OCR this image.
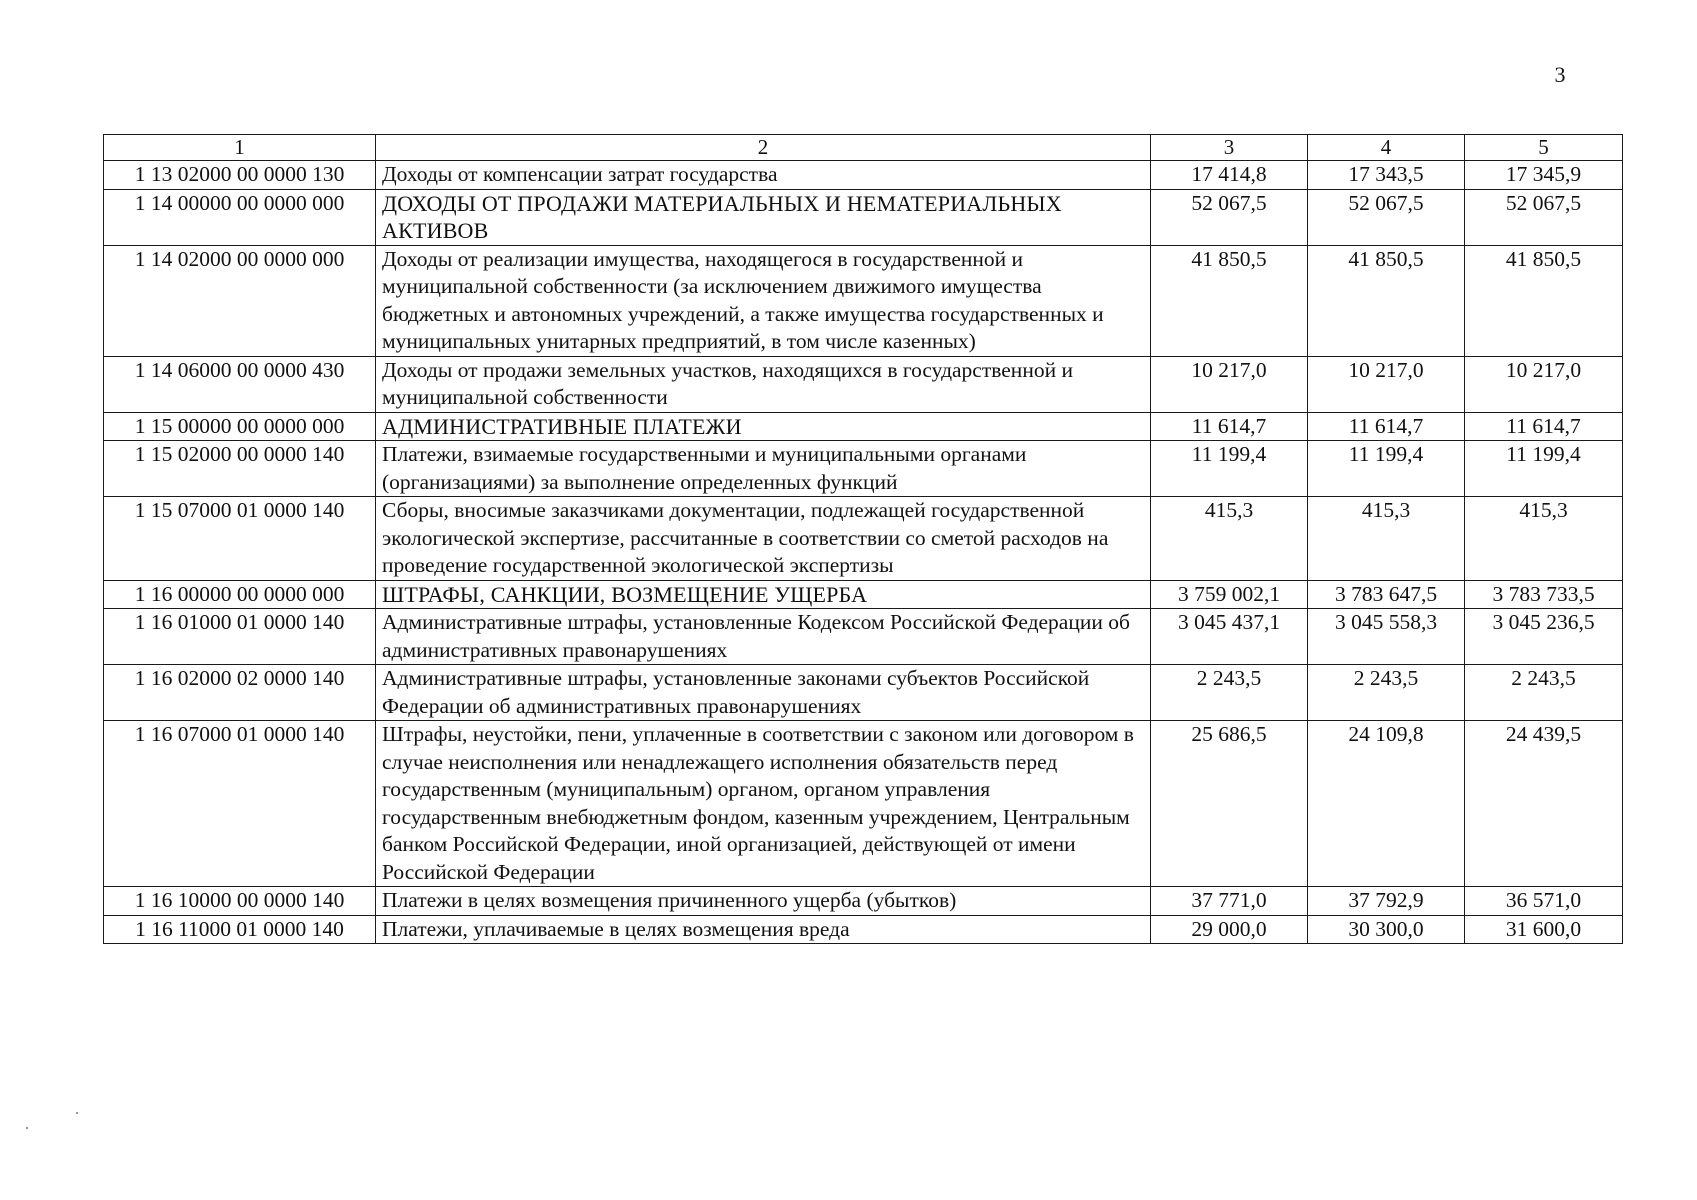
3
1	2	3	4	5
1 13 02000 00 0000 130	Доходы от компенсации затрат государства	17 414,8	17 343,5	17 345,9
1 14 00000 00 0000 000	ДОХОДЫ ОТ ПРОДАЖИ МАТЕРИАЛЬНЫХ И НЕМАТЕРИАЛЬНЫХ АКТИВОВ	52 067,5	52 067,5	52 067,5
1 14 02000 00 0000 000	Доходы от реализации имущества, находящегося в государственной и муниципальной собственности (за исключением движимого имущества бюджетных и автономных учреждений, а также имущества государственных и муниципальных унитарных предприятий, в том числе казенных)	41 850,5	41 850,5	41 850,5
1 14 06000 00 0000 430	Доходы от продажи земельных участков, находящихся в государственной и муниципальной собственности	10 217,0	10 217,0	10 217,0
1 15 00000 00 0000 000	АДМИНИСТРАТИВНЫЕ ПЛАТЕЖИ	11 614,7	11 614,7	11 614,7
1 15 02000 00 0000 140	Платежи, взимаемые государственными и муниципальными органами (организациями) за выполнение определенных функций	11 199,4	11 199,4	11 199,4
1 15 07000 01 0000 140	Сборы, вносимые заказчиками документации, подлежащей государственной экологической экспертизе, рассчитанные в соответствии со сметой расходов на проведение государственной экологической экспертизы	415,3	415,3	415,3
1 16 00000 00 0000 000	ШТРАФЫ, САНКЦИИ, ВОЗМЕЩЕНИЕ УЩЕРБА	3 759 002,1	3 783 647,5	3 783 733,5
1 16 01000 01 0000 140	Административные штрафы, установленные Кодексом Российской Федерации об административных правонарушениях	3 045 437,1	3 045 558,3	3 045 236,5
1 16 02000 02 0000 140	Административные штрафы, установленные законами субъектов Российской Федерации об административных правонарушениях	2 243,5	2 243,5	2 243,5
1 16 07000 01 0000 140	Штрафы, неустойки, пени, уплаченные в соответствии с законом или договором в случае неисполнения или ненадлежащего исполнения обязательств перед государственным (муниципальным) органом, органом управления государственным внебюджетным фондом, казенным учреждением, Центральным банком Российской Федерации, иной организацией, действующей от имени Российской Федерации	25 686,5	24 109,8	24 439,5
1 16 10000 00 0000 140	Платежи в целях возмещения причиненного ущерба (убытков)	37 771,0	37 792,9	36 571,0
1 16 11000 01 0000 140	Платежи, уплачиваемые в целях возмещения вреда	29 000,0	30 300,0	31 600,0
